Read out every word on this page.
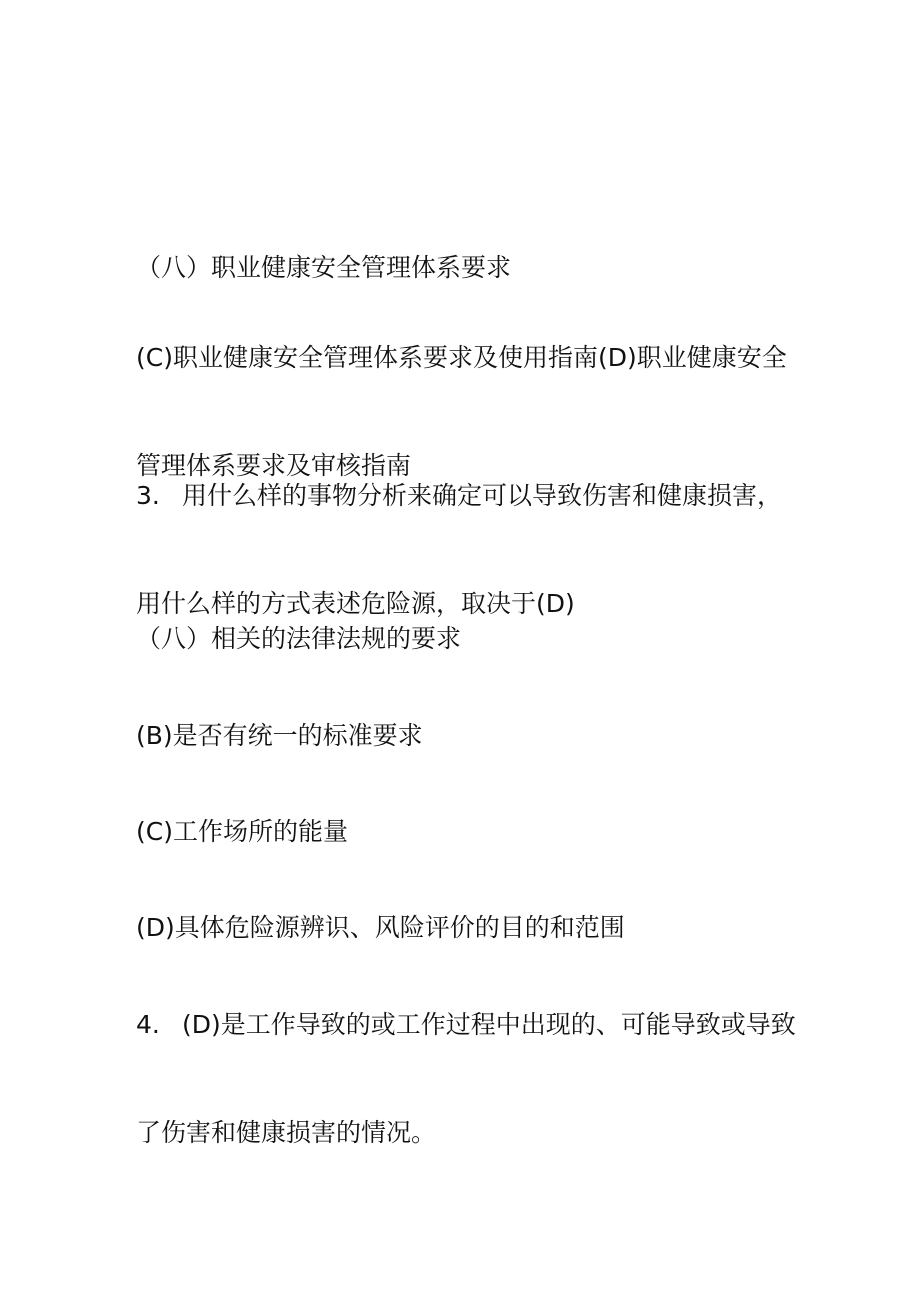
（八）职业健康安全管理体系要求

(C)职业健康安全管理体系要求及使用指南(D)职业健康安全

管理体系要求及审核指南

3. 用什么样的事物分析来确定可以导致伤害和健康损害，

用什么样的方式表述危险源，取决于(D)

（八）相关的法律法规的要求

(B)是否有统一的标准要求

(C)工作场所的能量

(D)具体危险源辨识、风险评价的目的和范围

4. (D)是工作导致的或工作过程中出现的、可能导致或导致

了伤害和健康损害的情况。
